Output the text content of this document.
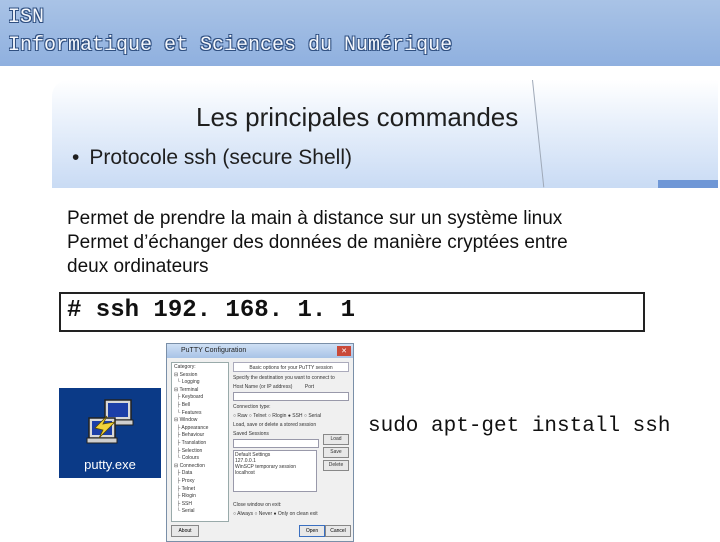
ISN
Informatique et Sciences du Numérique
Les principales commandes
• Protocole ssh (secure Shell)

Permet de prendre la main à distance sur un système linux

Permet d’échanger des données de manière cryptées entre

deux ordinateurs

# ssh 192. 168. 1. 1
putty.exe
PuTTY Configuration	✕
Category:
⊟ Session
└ Logging
⊟ Terminal
├ Keyboard
├ Bell
└ Features
⊟ Window
├ Appearance
├ Behaviour
├ Translation
├ Selection
└ Colours
⊟ Connection
├ Data
├ Proxy
├ Telnet
├ Rlogin
├ SSH
└ Serial
Basic options for your PuTTY session
Specify the destination you want to connect to
Host Name (or IP address)         Port
Connection type:
○ Raw ○ Telnet ○ Rlogin ● SSH ○ Serial
Load, save or delete a stored session
Saved Sessions
Default Settings
127.0.0.1
WinSCP temporary session
localhost
Close window on exit:
○ Always ○ Never ● Only on clean exit
Load
Save
Delete
About	Open	Cancel
sudo apt-get install ssh
